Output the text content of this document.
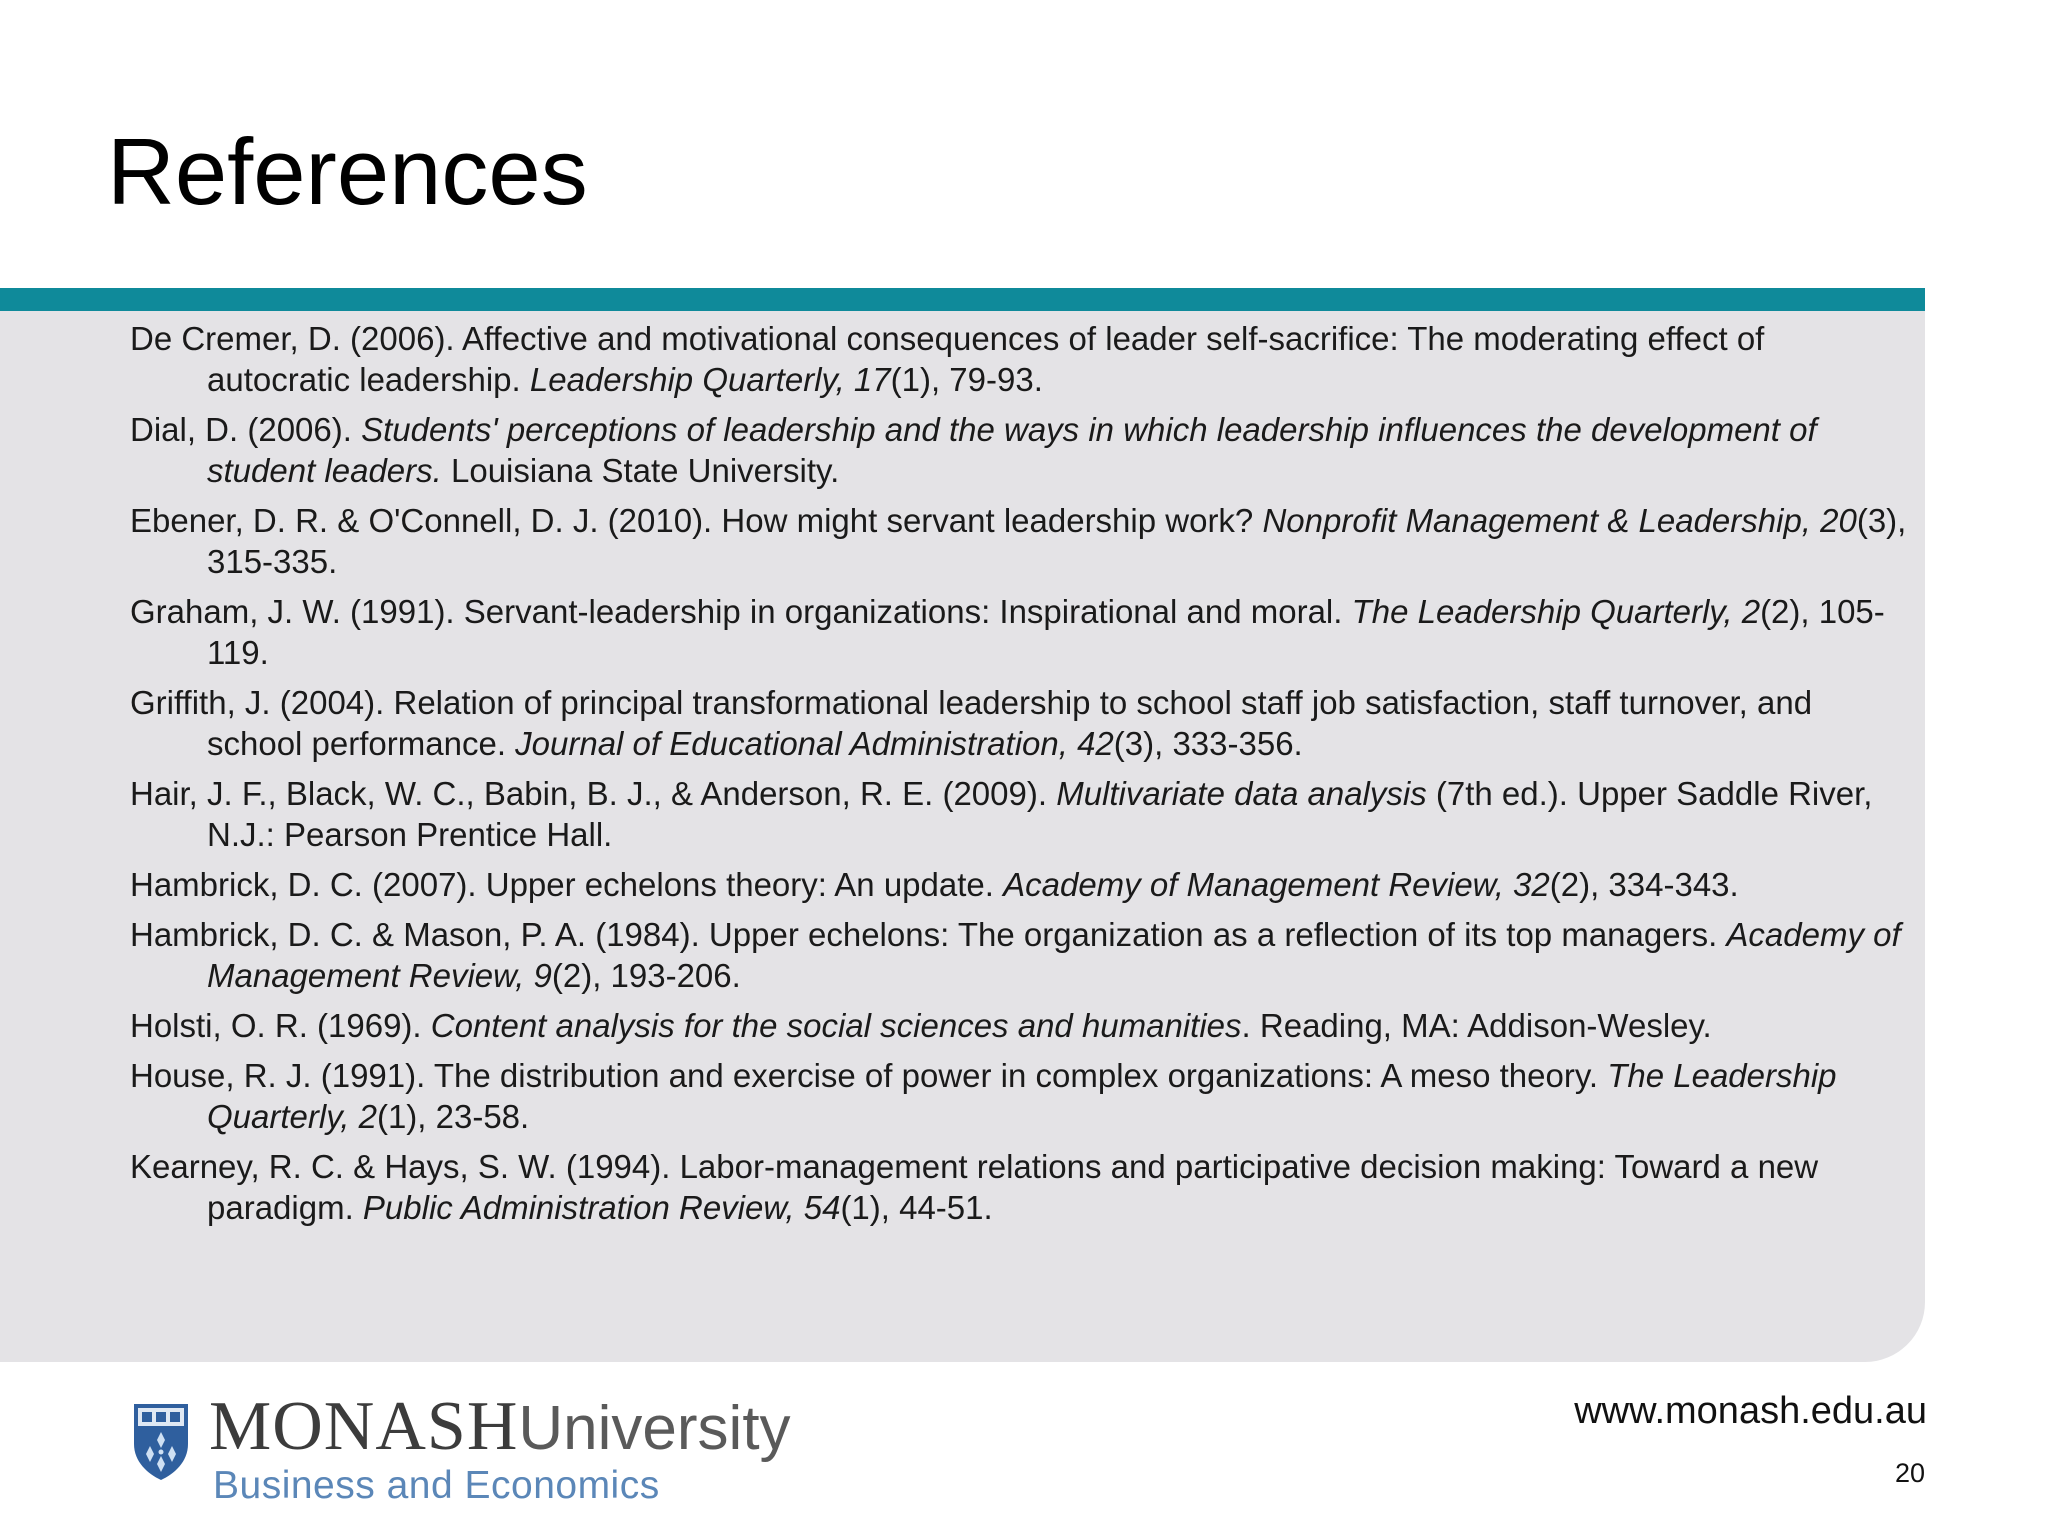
References
De Cremer, D. (2006). Affective and motivational consequences of leader self-sacrifice: The moderating effect of autocratic leadership. Leadership Quarterly, 17(1), 79-93.
Dial, D. (2006). Students' perceptions of leadership and the ways in which leadership influences the development of student leaders. Louisiana State University.
Ebener, D. R. & O'Connell, D. J. (2010). How might servant leadership work? Nonprofit Management & Leadership, 20(3), 315-335.
Graham, J. W. (1991). Servant-leadership in organizations: Inspirational and moral. The Leadership Quarterly, 2(2), 105-119.
Griffith, J. (2004). Relation of principal transformational leadership to school staff job satisfaction, staff turnover, and school performance. Journal of Educational Administration, 42(3), 333-356.
Hair, J. F., Black, W. C., Babin, B. J., & Anderson, R. E. (2009). Multivariate data analysis (7th ed.). Upper Saddle River, N.J.: Pearson Prentice Hall.
Hambrick, D. C. (2007). Upper echelons theory: An update. Academy of Management Review, 32(2), 334-343.
Hambrick, D. C. & Mason, P. A. (1984). Upper echelons: The organization as a reflection of its top managers. Academy of Management Review, 9(2), 193-206.
Holsti, O. R. (1969). Content analysis for the social sciences and humanities. Reading, MA: Addison-Wesley.
House, R. J. (1991). The distribution and exercise of power in complex organizations: A meso theory. The Leadership Quarterly, 2(1), 23-58.
Kearney, R. C. & Hays, S. W. (1994). Labor-management relations and participative decision making: Toward a new paradigm. Public Administration Review, 54(1), 44-51.
MONASHUniversity
Business and Economics
www.monash.edu.au
20
